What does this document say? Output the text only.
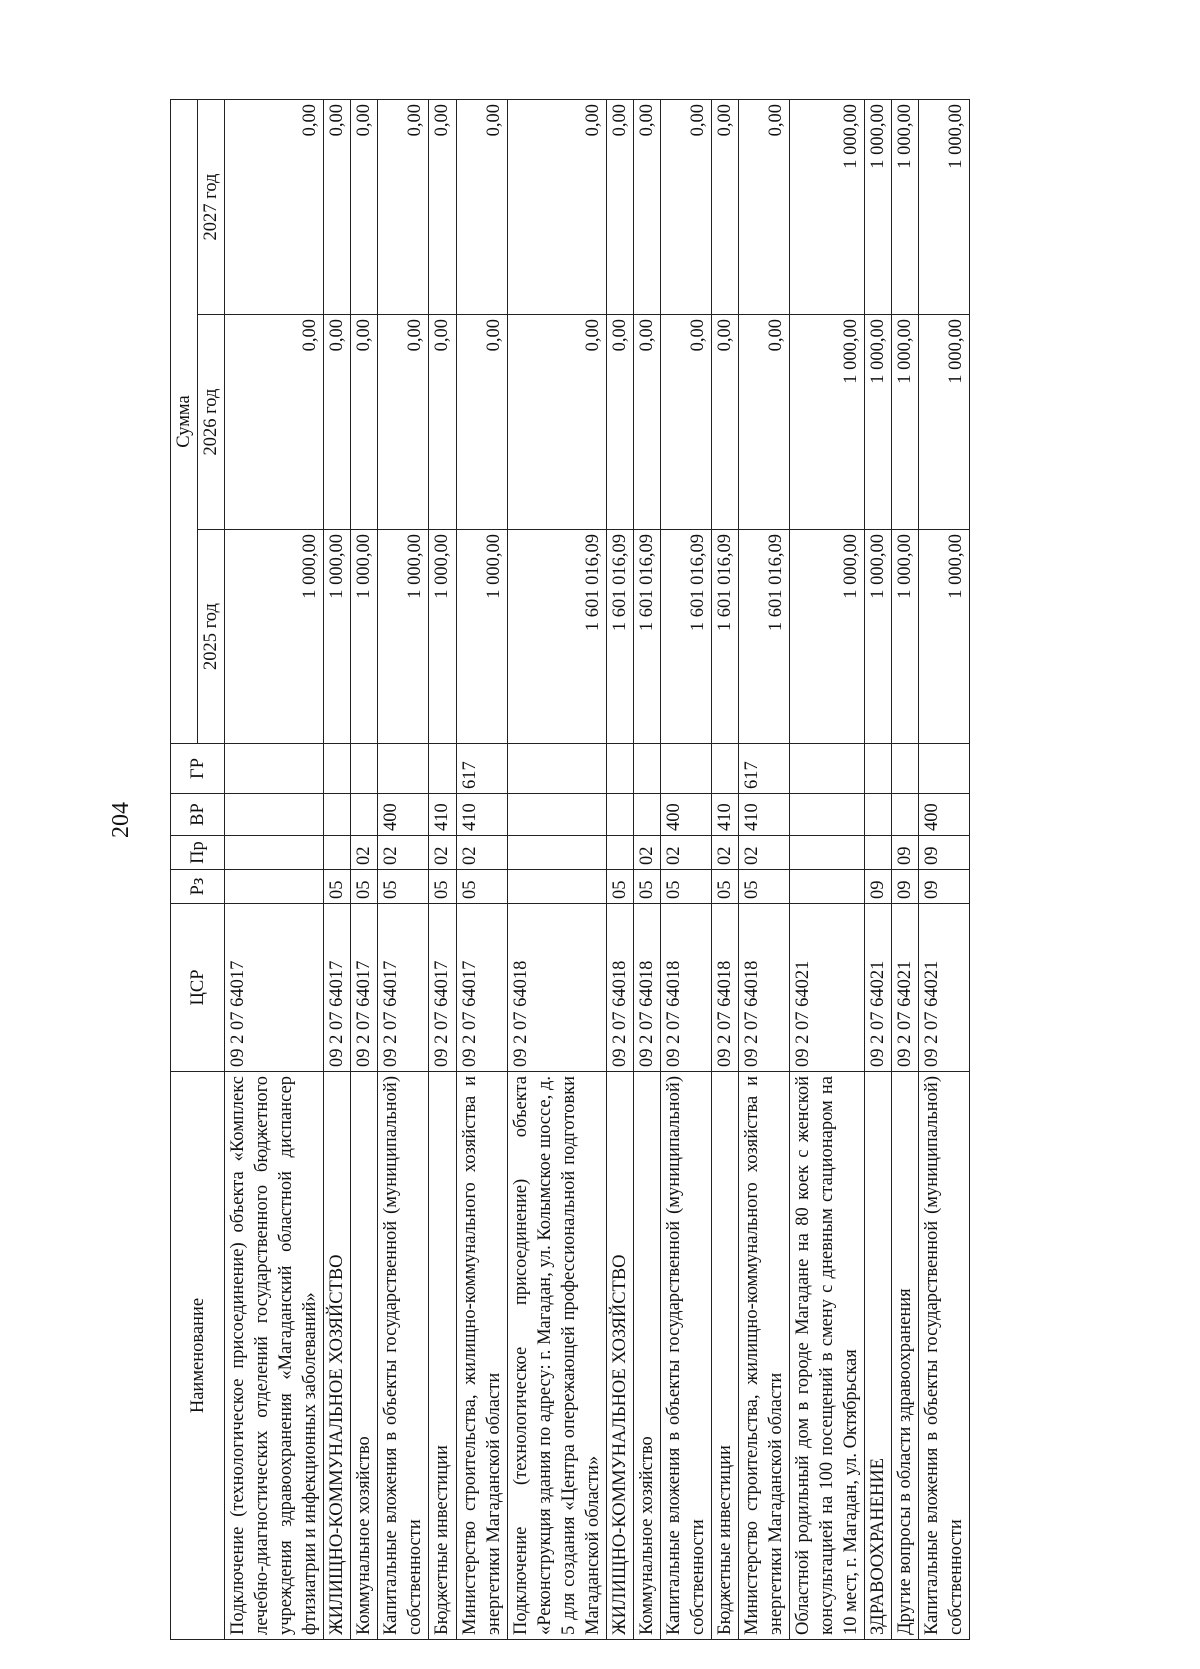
204
Наименование	ЦСР	Рз	Пр	ВР	ГР	Сумма		
						2025 год	2026 год	2027 год
Подключение (технологическое присоединение) объекта «Комплекс лечебно-диагностических отделений государственного бюджетного учреждения здравоохранения «Магаданский областной диспансер фтизиатрии и инфекционных заболеваний»	09 2 07 64017					1 000,00	0,00	0,00
ЖИЛИЩНО-КОММУНАЛЬНОЕ ХОЗЯЙСТВО	09 2 07 64017	05				1 000,00	0,00	0,00
Коммунальное хозяйство	09 2 07 64017	05	02			1 000,00	0,00	0,00
Капитальные вложения в объекты государственной (муниципальной) собственности	09 2 07 64017	05	02	400		1 000,00	0,00	0,00
Бюджетные инвестиции	09 2 07 64017	05	02	410		1 000,00	0,00	0,00
Министерство строительства, жилищно-коммунального хозяйства и энергетики Магаданской области	09 2 07 64017	05	02	410	617	1 000,00	0,00	0,00
Подключение (технологическое присоединение) объекта «Реконструкция здания по адресу: г. Магадан, ул. Колымское шоссе, д. 5 для создания «Центра опережающей профессиональной подготовки Магаданской области»	09 2 07 64018					1 601 016,09	0,00	0,00
ЖИЛИЩНО-КОММУНАЛЬНОЕ ХОЗЯЙСТВО	09 2 07 64018	05				1 601 016,09	0,00	0,00
Коммунальное хозяйство	09 2 07 64018	05	02			1 601 016,09	0,00	0,00
Капитальные вложения в объекты государственной (муниципальной) собственности	09 2 07 64018	05	02	400		1 601 016,09	0,00	0,00
Бюджетные инвестиции	09 2 07 64018	05	02	410		1 601 016,09	0,00	0,00
Министерство строительства, жилищно-коммунального хозяйства и энергетики Магаданской области	09 2 07 64018	05	02	410	617	1 601 016,09	0,00	0,00
Областной родильный дом в городе Магадане на 80 коек с женской консультацией на 100 посещений в смену с дневным стационаром на 10 мест, г. Магадан, ул. Октябрьская	09 2 07 64021					1 000,00	1 000,00	1 000,00
ЗДРАВООХРАНЕНИЕ	09 2 07 64021	09				1 000,00	1 000,00	1 000,00
Другие вопросы в области здравоохранения	09 2 07 64021	09	09			1 000,00	1 000,00	1 000,00
Капитальные вложения в объекты государственной (муниципальной) собственности	09 2 07 64021	09	09	400		1 000,00	1 000,00	1 000,00
